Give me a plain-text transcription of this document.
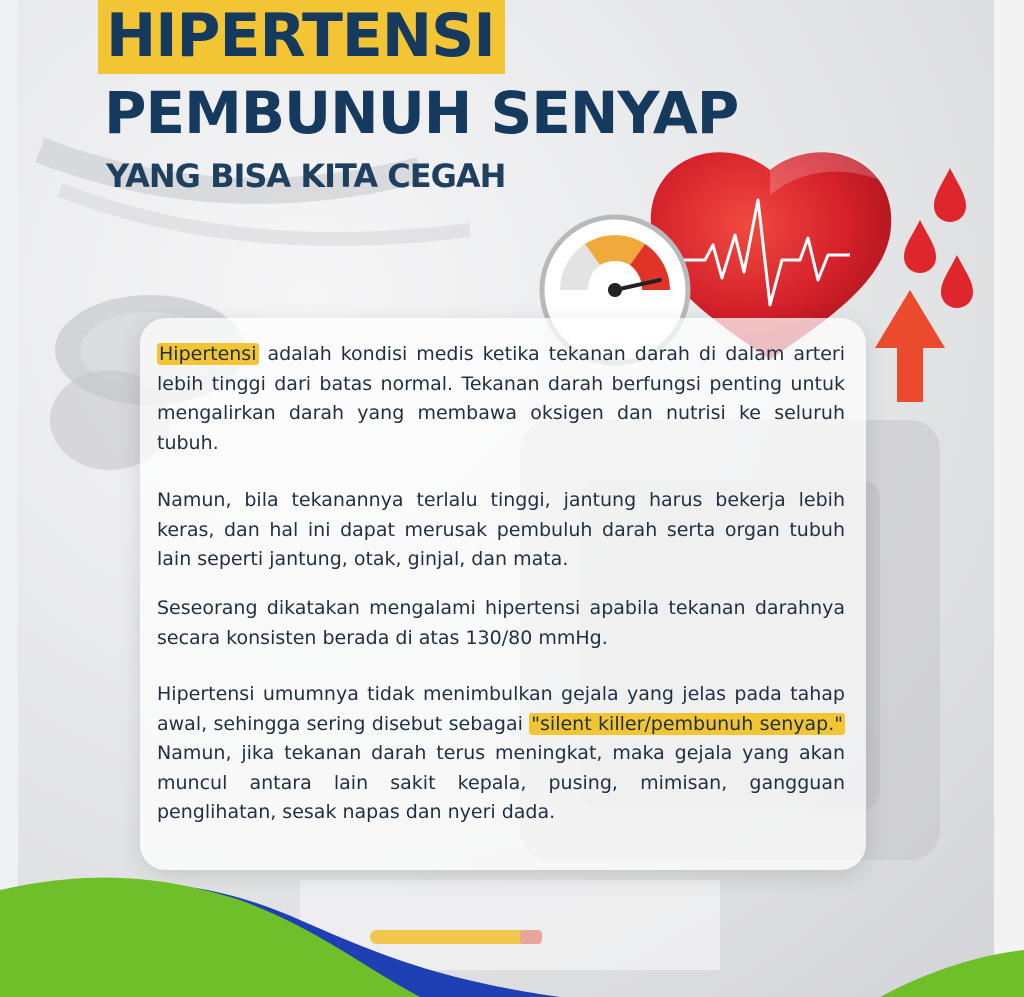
HIPERTENSI
PEMBUNUH SENYAP
YANG BISA KITA CEGAH

Hipertensi adalah kondisi medis ketika tekanan darah di dalam arteri lebih tinggi dari batas normal. Tekanan darah berfungsi penting untuk mengalirkan darah yang membawa oksigen dan nutrisi ke seluruh tubuh.

Namun, bila tekanannya terlalu tinggi, jantung harus bekerja lebih keras, dan hal ini dapat merusak pembuluh darah serta organ tubuh lain seperti jantung, otak, ginjal, dan mata.

Seseorang dikatakan mengalami hipertensi apabila tekanan darahnya secara konsisten berada di atas 130/80 mmHg.

Hipertensi umumnya tidak menimbulkan gejala yang jelas pada tahap awal, sehingga sering disebut sebagai "silent killer/pembunuh senyap." Namun, jika tekanan darah terus meningkat, maka gejala yang akan muncul antara lain sakit kepala, pusing, mimisan, gangguan penglihatan, sesak napas dan nyeri dada.
